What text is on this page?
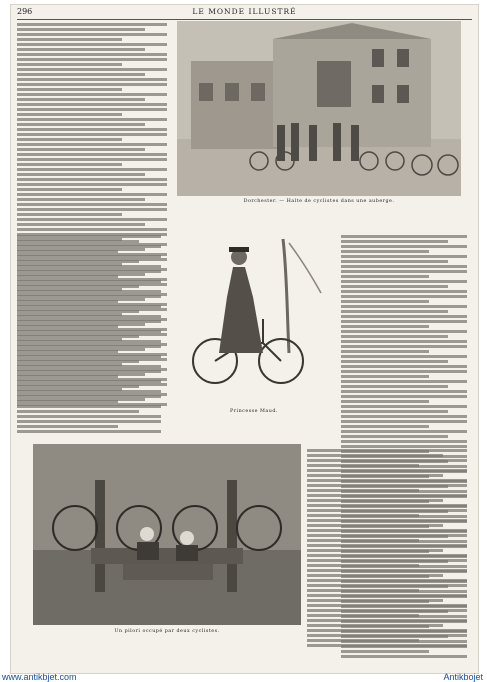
296	LE MONDE ILLUSTRÉ
Dorchester. — Halte de cyclistes dans une auberge.
Princesse Maud.
Un pilori occupé par deux cyclistes.
www.antikbjet.com	Antikbojet
